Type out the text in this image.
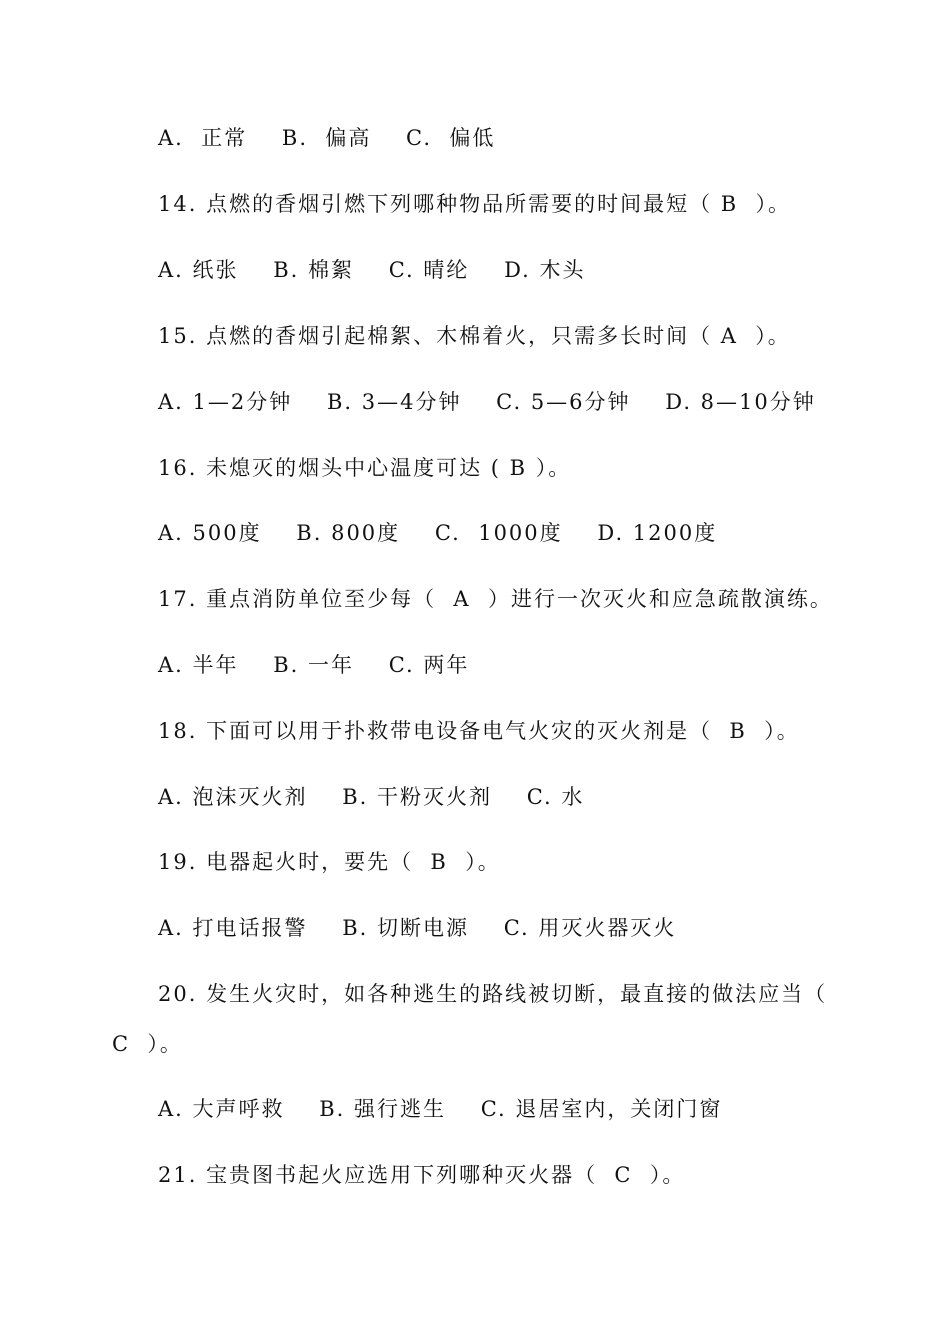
A.  正常    B.  偏高    C.  偏低
14. 点燃的香烟引燃下列哪种物品所需要的时间最短（ B  ）。
A. 纸张    B. 棉絮    C. 晴纶    D. 木头
15. 点燃的香烟引起棉絮、木棉着火，只需多长时间（ A  ）。
A. 1—2分钟    B. 3—4分钟    C. 5—6分钟    D. 8—10分钟
16. 未熄灭的烟头中心温度可达 ( B ）。
A. 500度    B. 800度    C.  1000度    D. 1200度
17. 重点消防单位至少每（  A  ）进行一次灭火和应急疏散演练。
A. 半年    B. 一年    C. 两年
18. 下面可以用于扑救带电设备电气火灾的灭火剂是（  B  ）。
A. 泡沫灭火剂    B. 干粉灭火剂    C. 水
19. 电器起火时，要先（  B  ）。
A. 打电话报警    B. 切断电源    C. 用灭火器灭火
20. 发生火灾时，如各种逃生的路线被切断，最直接的做法应当（
C  ）。
A. 大声呼救    B. 强行逃生    C. 退居室内，关闭门窗
21. 宝贵图书起火应选用下列哪种灭火器（  C  ）。
